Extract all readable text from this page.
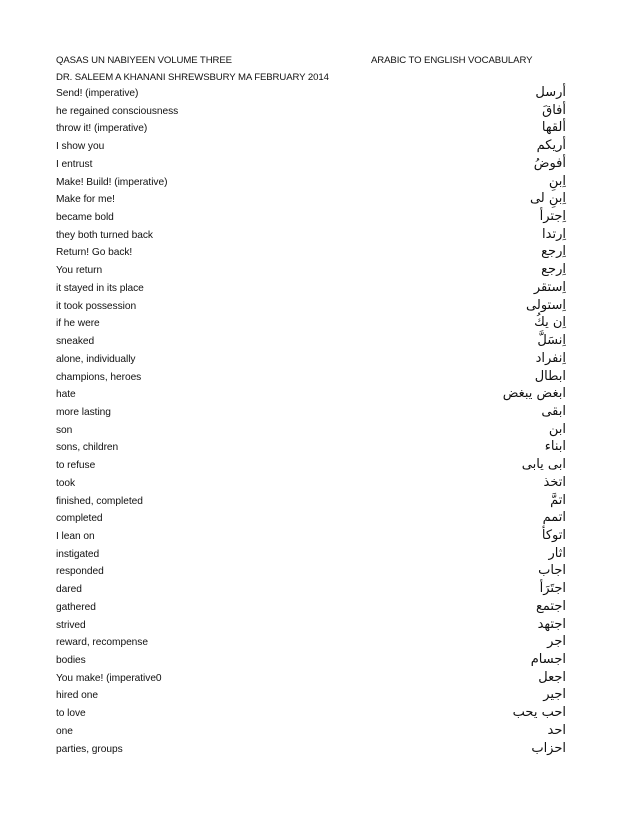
QASAS UN NABIYEEN VOLUME THREE	ARABIC TO ENGLISH VOCABULARY
DR. SALEEM A KHANANI SHREWSBURY MA FEBRUARY 2014
Send! (imperative)	أرسل
he regained consciousness	أفاقَ
throw it! (imperative)	ألقها
I show you	أريكم
I entrust	أفوضُ
Make! Build! (imperative)	اِبنِ
Make for me!	اِبنِ لی
became bold	اِجترأ
they both turned back	اِرتدا
Return! Go back!	اِرجع
You return	اِرجع
it stayed in its place	اِستقر
it took possession	اِستولی
if he were	اِن يكُ
sneaked	اِنسَلَّ
alone, individually	اِنفراد
champions, heroes	ابطال
hate	ابغض يبغض
more lasting	ابقی
son	ابن
sons, children	ابناء
to refuse	ابی يابی
took	اتخذ
finished, completed	اتمَّ
completed	اتمم
I lean on	اتوكأ
instigated	اثار
responded	اجاب
dared	اجتَرَأ
gathered	اجتمع
strived	اجتهد
reward, recompense	اجر
bodies	اجسام
You make! (imperative0	اجعل
hired one	اجير
to love	احب يحب
one	احد
parties, groups	احزاب
